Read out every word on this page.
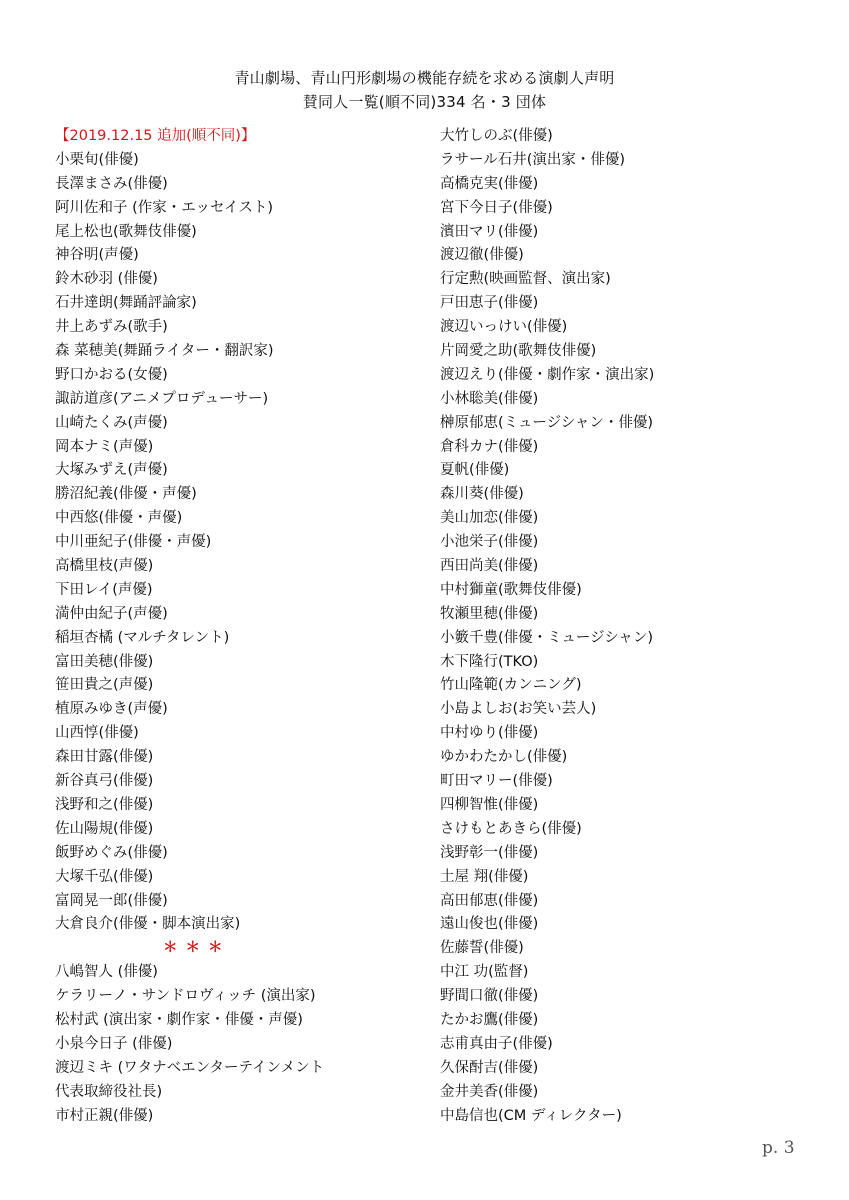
青山劇場、青山円形劇場の機能存続を求める演劇人声明
賛同人一覧(順不同)334 名・3 団体
【2019.12.15 追加(順不同)】
小栗旬(俳優)
長澤まさみ(俳優)
阿川佐和子 (作家・エッセイスト)
尾上松也(歌舞伎俳優)
神谷明(声優)
鈴木砂羽 (俳優)
石井達朗(舞踊評論家)
井上あずみ(歌手)
森 菜穂美(舞踊ライター・翻訳家)
野口かおる(女優)
諏訪道彦(アニメプロデューサー)
山崎たくみ(声優)
岡本ナミ(声優)
大塚みずえ(声優)
勝沼紀義(俳優・声優)
中西悠(俳優・声優)
中川亜紀子(俳優・声優)
高橋里枝(声優)
下田レイ(声優)
満仲由紀子(声優)
稲垣杏橘 (マルチタレント)
富田美穂(俳優)
笹田貴之(声優)
植原みゆき(声優)
山西惇(俳優)
森田甘露(俳優)
新谷真弓(俳優)
浅野和之(俳優)
佐山陽規(俳優)
飯野めぐみ(俳優)
大塚千弘(俳優)
富岡晃一郎(俳優)
大倉良介(俳優・脚本演出家)
＊＊＊
八嶋智人 (俳優)
ケラリーノ・サンドロヴィッチ (演出家)
松村武 (演出家・劇作家・俳優・声優)
小泉今日子 (俳優)
渡辺ミキ (ワタナベエンターテインメント
代表取締役社長)
市村正親(俳優)
大竹しのぶ(俳優)
ラサール石井(演出家・俳優)
高橋克実(俳優)
宮下今日子(俳優)
濱田マリ(俳優)
渡辺徹(俳優)
行定勲(映画監督、演出家)
戸田恵子(俳優)
渡辺いっけい(俳優)
片岡愛之助(歌舞伎俳優)
渡辺えり(俳優・劇作家・演出家)
小林聡美(俳優)
榊原郁恵(ミュージシャン・俳優)
倉科カナ(俳優)
夏帆(俳優)
森川葵(俳優)
美山加恋(俳優)
小池栄子(俳優)
西田尚美(俳優)
中村獅童(歌舞伎俳優)
牧瀬里穂(俳優)
小籔千豊(俳優・ミュージシャン)
木下隆行(TKO)
竹山隆範(カンニング)
小島よしお(お笑い芸人)
中村ゆり(俳優)
ゆかわたかし(俳優)
町田マリー(俳優)
四柳智惟(俳優)
さけもとあきら(俳優)
浅野彰一(俳優)
土屋 翔(俳優)
高田郁恵(俳優)
遠山俊也(俳優)
佐藤誓(俳優)
中江 功(監督)
野間口徹(俳優)
たかお鷹(俳優)
志甫真由子(俳優)
久保酎吉(俳優)
金井美香(俳優)
中島信也(CM ディレクター)
p. 3
